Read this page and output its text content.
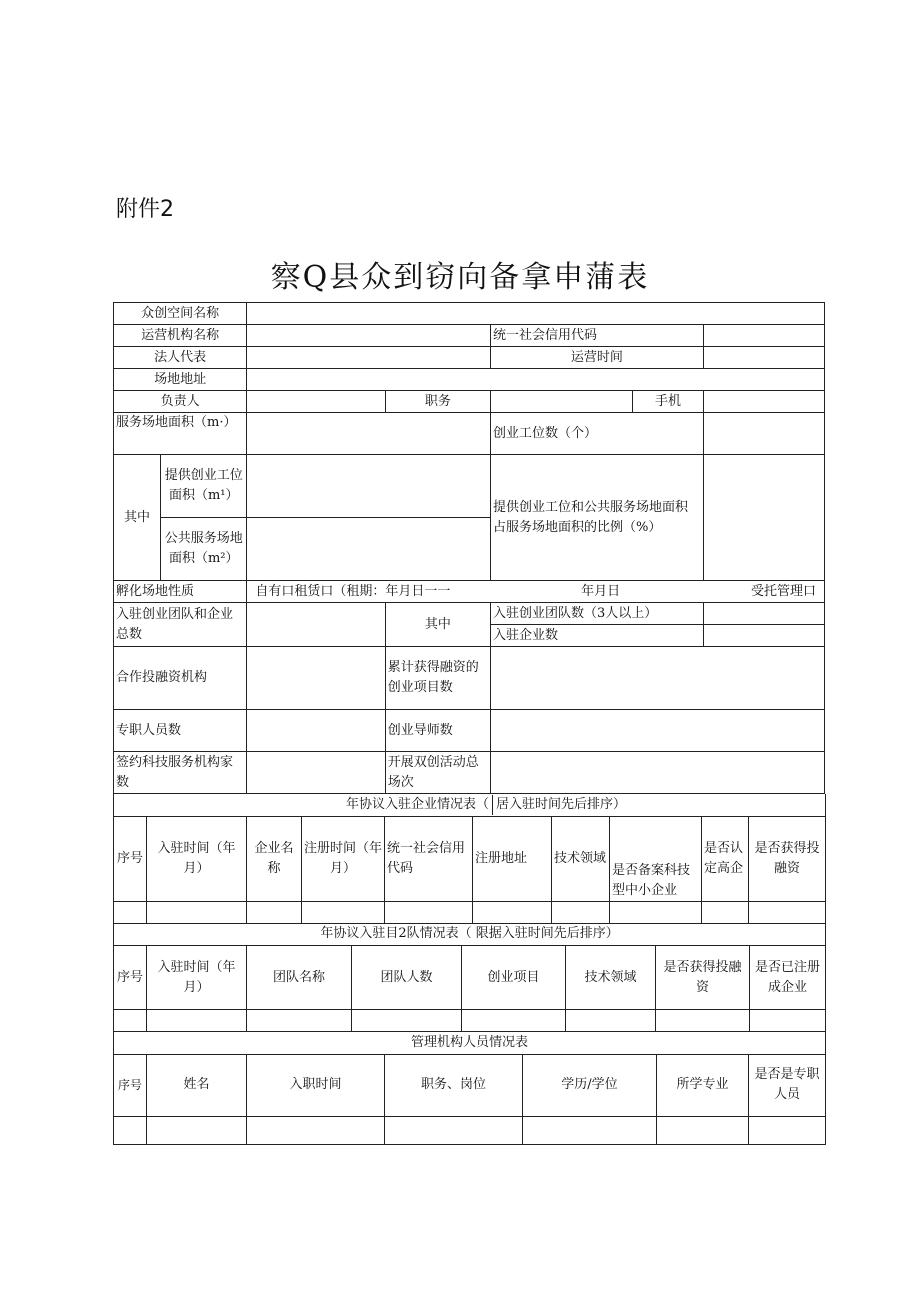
附件2
察Q县众到窃向备拿申蒲表
众创空间名称						
运营机构名称				统一社会信用代码		
法人代表				运营时间		
场地地址						
负责人			职务		手机	
服务场地面积（m·）				创业工位数（个）		
其中	提供创业工位面积（m¹）			提供创业工位和公共服务场地面积占服务场地面积的比例（%）		
	公共服务场地面积（m²）					
孵化场地性质		自有口租赁口（租期：年月日一一 年月日 受托管理口				

入驻创业团队和企业总数			其中	入驻创业团队数（3人以上）		
				入驻企业数		
合作投融资机构			累计获得融资的创业项目数			
专职人员数			创业导师数			
签约科技服务机构家数			开展双创活动总场次			
年协议入驻企业情况表（ 居入驻时间先后排序）									

序号	入驻时间（年月）	企业名称	注册时间（年月）	统一社会信用代码	注册地址	技术领域	是否备案科技型中小企业	是否认定高企	是否获得投融资

年协议入驻目2队情况表（ 限据入驻时间先后排序）							
序号	入驻时间（年月）	团队名称	团队人数	创业项目	技术领域	是否获得投融资	是否已注册成企业

管理机构人员情况表						
序号	姓名	入职时间	职务、岗位	学历/学位	所学专业	是否是专职人员
